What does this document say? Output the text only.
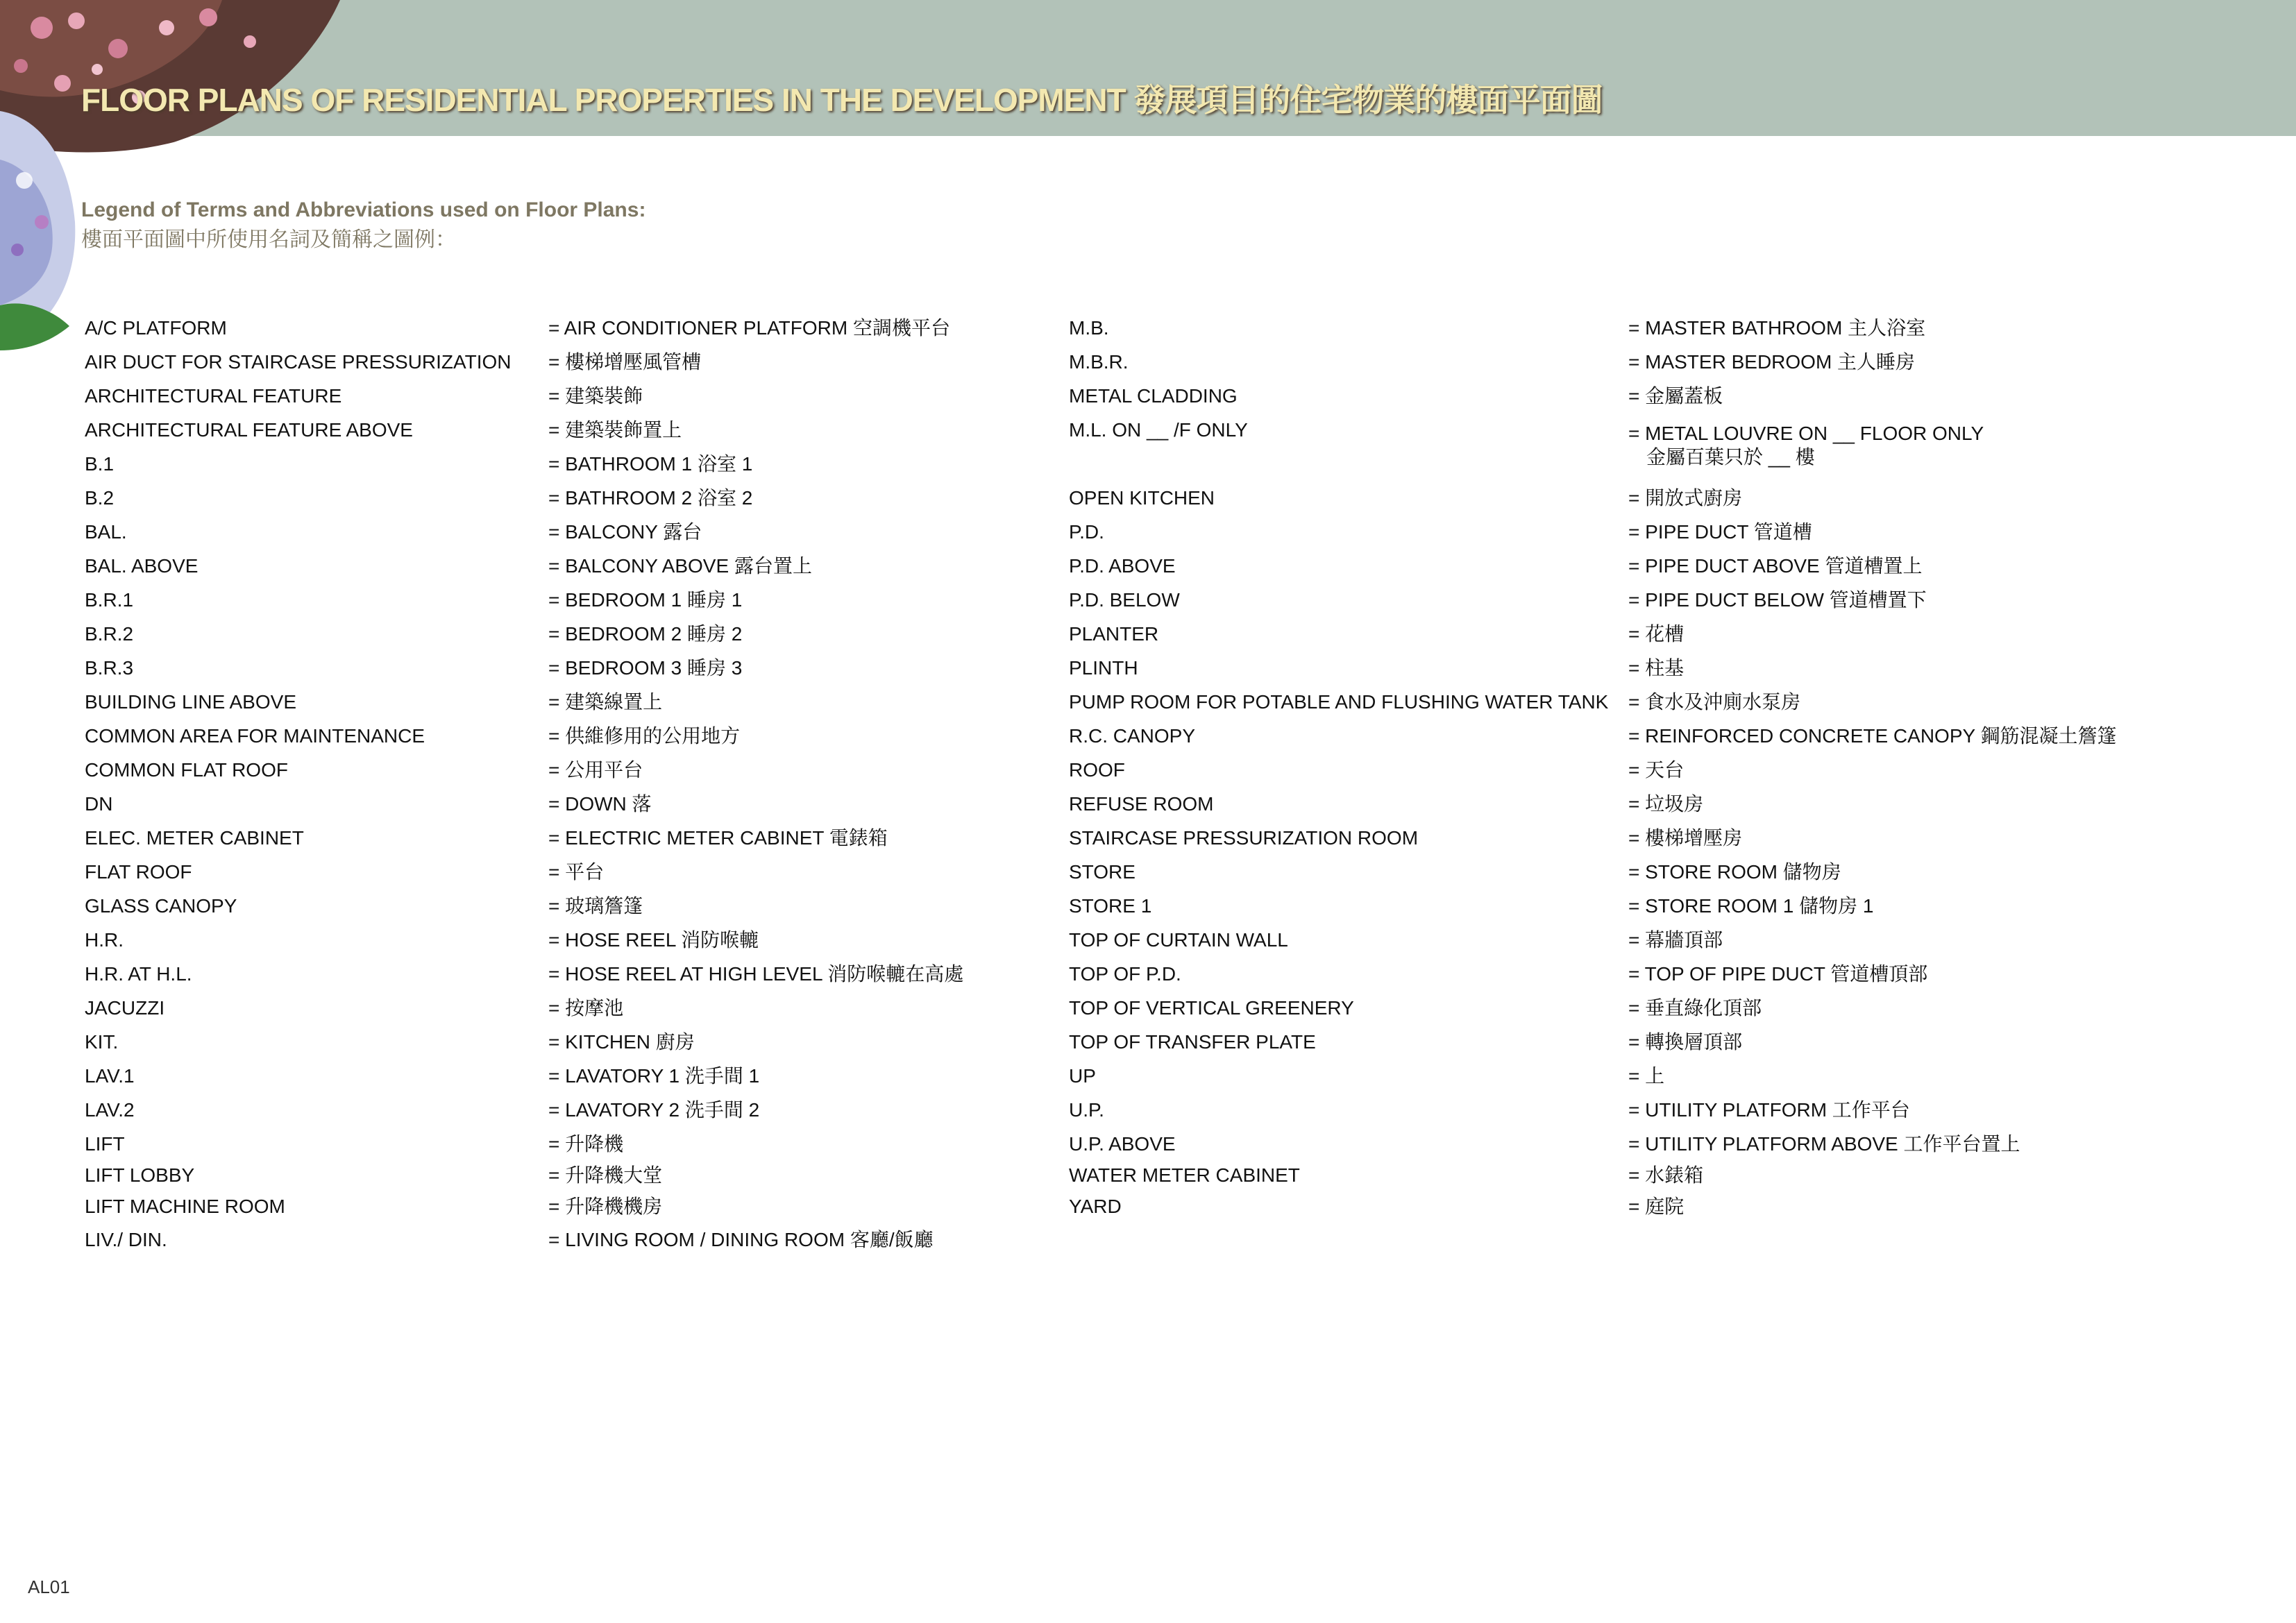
FLOOR PLANS OF RESIDENTIAL PROPERTIES IN THE DEVELOPMENT 發展項目的住宅物業的樓面平面圖
Legend of Terms and Abbreviations used on Floor Plans:
樓面平面圖中所使用名詞及簡稱之圖例：
A/C PLATFORM	= AIR CONDITIONER PLATFORM 空調機平台
AIR DUCT FOR STAIRCASE PRESSURIZATION = 樓梯增壓風管槽
ARCHITECTURAL FEATURE	= 建築裝飾
ARCHITECTURAL FEATURE ABOVE	= 建築裝飾置上
B.1	= BATHROOM 1 浴室 1
B.2	= BATHROOM 2 浴室 2
BAL.	= BALCONY 露台
BAL. ABOVE	= BALCONY ABOVE 露台置上
B.R.1	= BEDROOM 1 睡房 1
B.R.2	= BEDROOM 2 睡房 2
B.R.3	= BEDROOM 3 睡房 3
BUILDING LINE ABOVE	= 建築線置上
COMMON AREA FOR MAINTENANCE	= 供維修用的公用地方
COMMON FLAT ROOF	= 公用平台
DN	= DOWN 落
ELEC. METER CABINET	= ELECTRIC METER CABINET 電錶箱
FLAT ROOF	= 平台
GLASS CANOPY	= 玻璃簷篷
H.R.	= HOSE REEL 消防喉轆
H.R. AT H.L.	= HOSE REEL AT HIGH LEVEL 消防喉轆在高處
JACUZZI	= 按摩池
KIT.	= KITCHEN 廚房
LAV.1	= LAVATORY 1 洗手間 1
LAV.2	= LAVATORY 2 洗手間 2
LIFT	= 升降機
LIFT LOBBY	= 升降機大堂
LIFT MACHINE ROOM	= 升降機機房
LIV./ DIN.	= LIVING ROOM / DINING ROOM 客廳/飯廳
M.B.	= MASTER BATHROOM 主人浴室
M.B.R.	= MASTER BEDROOM 主人睡房
METAL CLADDING	= 金屬蓋板
M.L. ON __ /F ONLY	= METAL LOUVRE ON __ FLOOR ONLY
金屬百葉只於 __ 樓
OPEN KITCHEN	= 開放式廚房
P.D.	= PIPE DUCT 管道槽
P.D. ABOVE	= PIPE DUCT ABOVE 管道槽置上
P.D. BELOW	= PIPE DUCT BELOW 管道槽置下
PLANTER	= 花槽
PLINTH	= 柱基
PUMP ROOM FOR POTABLE AND FLUSHING WATER TANK = 食水及沖廁水泵房
R.C. CANOPY	= REINFORCED CONCRETE CANOPY 鋼筋混凝土簷篷
ROOF	= 天台
REFUSE ROOM	= 垃圾房
STAIRCASE PRESSURIZATION ROOM	= 樓梯增壓房
STORE	= STORE ROOM 儲物房
STORE 1	= STORE ROOM 1 儲物房 1
TOP OF CURTAIN WALL	= 幕牆頂部
TOP OF P.D.	= TOP OF PIPE DUCT 管道槽頂部
TOP OF VERTICAL GREENERY	= 垂直綠化頂部
TOP OF TRANSFER PLATE	= 轉換層頂部
UP	= 上
U.P.	= UTILITY PLATFORM 工作平台
U.P. ABOVE	= UTILITY PLATFORM ABOVE 工作平台置上
WATER METER CABINET	= 水錶箱
YARD	= 庭院
AL01
